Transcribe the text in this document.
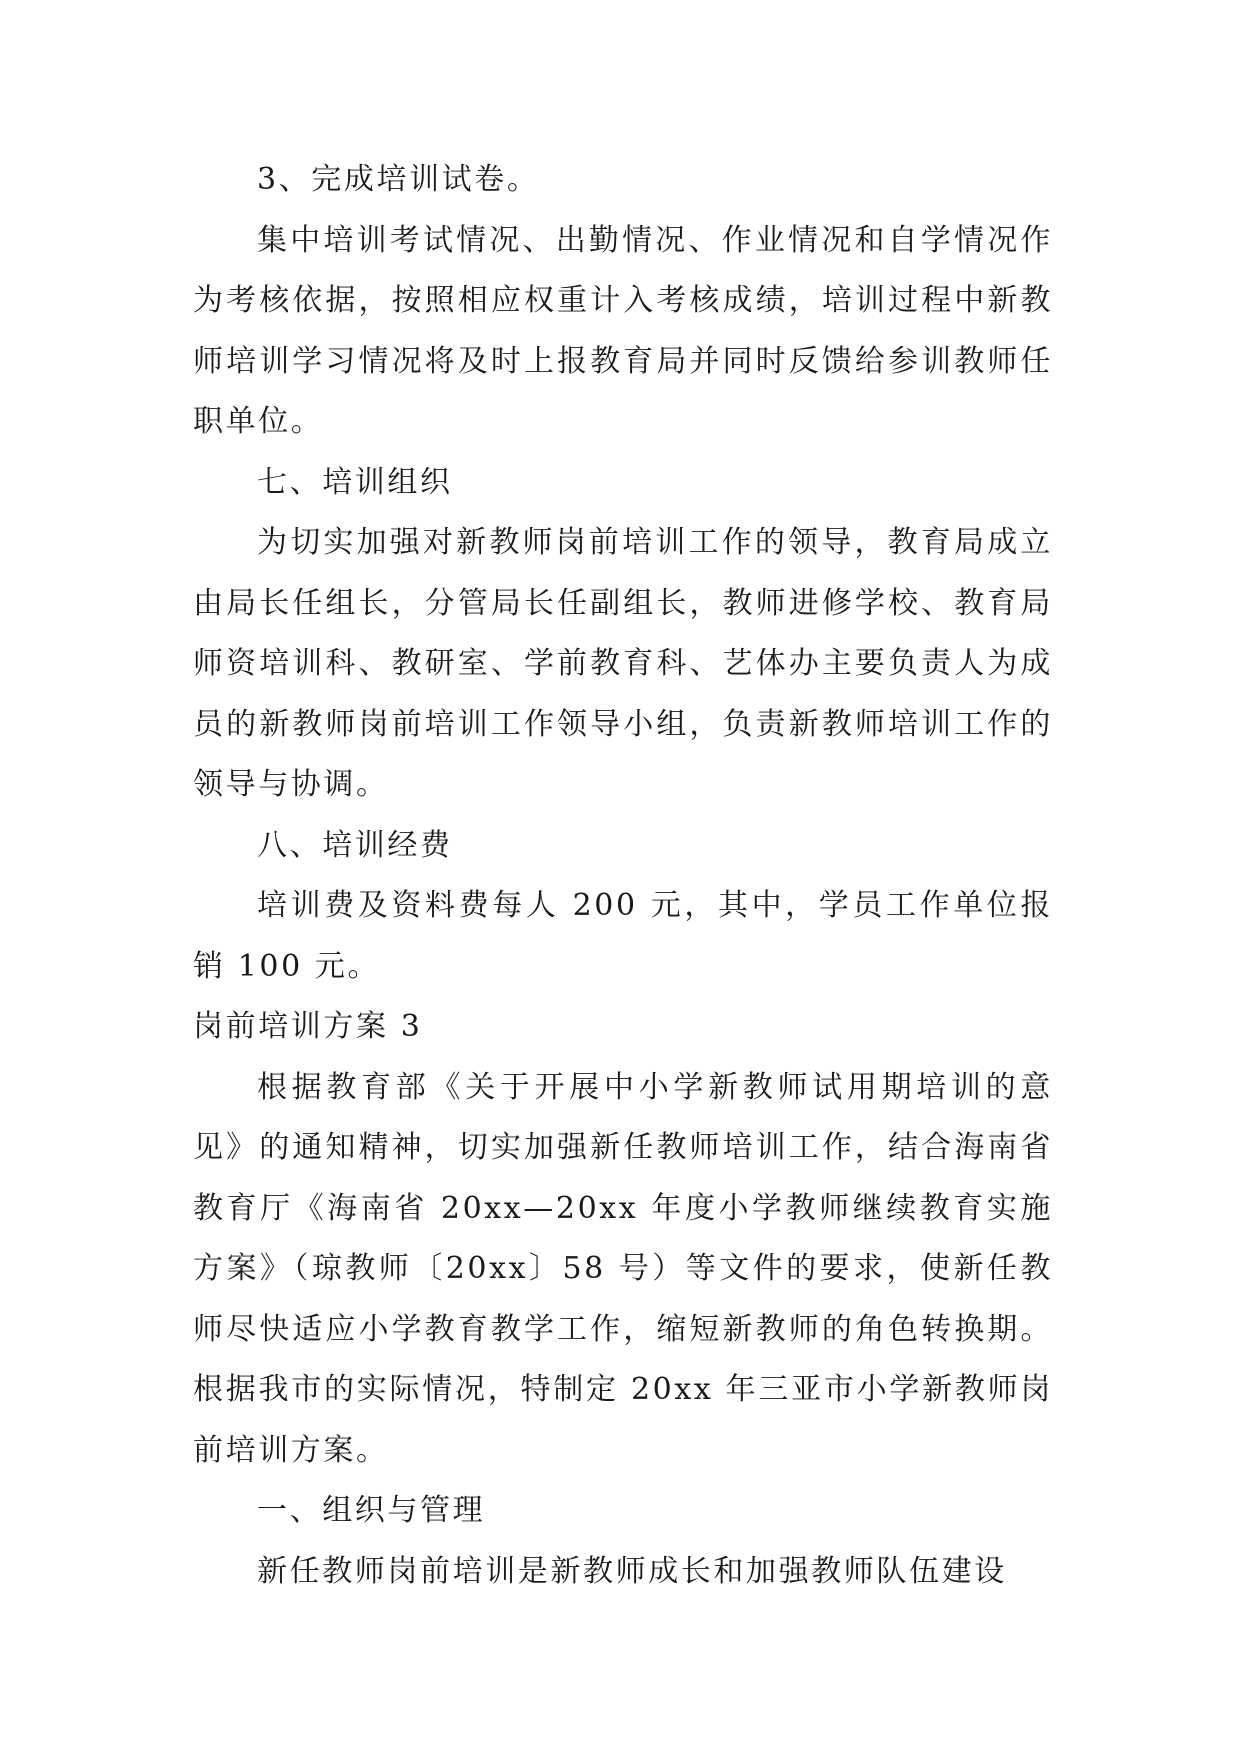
3、完成培训试卷。

集中培训考试情况、出勤情况、作业情况和自学情况作为考核依据，按照相应权重计入考核成绩，培训过程中新教师培训学习情况将及时上报教育局并同时反馈给参训教师任职单位。

七、培训组织

为切实加强对新教师岗前培训工作的领导，教育局成立由局长任组长，分管局长任副组长，教师进修学校、教育局师资培训科、教研室、学前教育科、艺体办主要负责人为成员的新教师岗前培训工作领导小组，负责新教师培训工作的领导与协调。

八、培训经费

培训费及资料费每人 200 元，其中，学员工作单位报销 100 元。

岗前培训方案 3

根据教育部《关于开展中小学新教师试用期培训的意见》的通知精神，切实加强新任教师培训工作，结合海南省教育厅《海南省 20xx—20xx 年度小学教师继续教育实施方案》（琼教师〔20xx〕58 号）等文件的要求，使新任教师尽快适应小学教育教学工作，缩短新教师的角色转换期。根据我市的实际情况，特制定 20xx 年三亚市小学新教师岗前培训方案。

一、组织与管理

新任教师岗前培训是新教师成长和加强教师队伍建设
